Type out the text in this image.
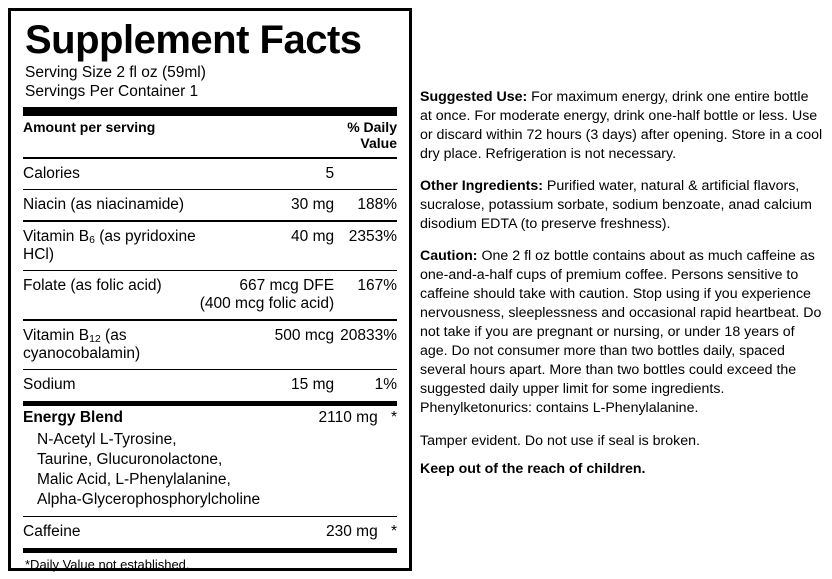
Supplement Facts
Serving Size 2 fl oz (59ml)
Servings Per Container 1
Amount per serving		% Daily
Value

Calories	5	

Niacin (as niacinamide)	30 mg	188%

Vitamin B6 (as pyridoxine HCl)	40 mg	2353%

Folate (as folic acid)	667 mcg DFE
(400 mcg folic acid)	167%

Vitamin B12 (as cyanocobalamin)	500 mcg	20833%

Sodium	15 mg	1%
Energy Blend	2110 mg	*

N-Acetyl L-Tyrosine,
Taurine, Glucuronolactone,
Malic Acid, L-Phenylalanine,
Alpha-Glycerophosphorylcholine		

Caffeine	230 mg	*
*Daily Value not established.

Suggested Use: For maximum energy, drink one entire bottle at once. For moderate energy, drink one-half bottle or less. Use or discard within 72 hours (3 days) after opening. Store in a cool dry place. Refrigeration is not necessary.

Other Ingredients: Purified water, natural & artificial flavors, sucralose, potassium sorbate, sodium benzoate, anad calcium disodium EDTA (to preserve freshness).

Caution: One 2 fl oz bottle contains about as much caffeine as one-and-a-half cups of premium coffee. Persons sensitive to caffeine should take with caution. Stop using if you experience nervousness, sleeplessness and occasional rapid heartbeat. Do not take if you are pregnant or nursing, or under 18 years of age. Do not consumer more than two bottles daily, spaced several hours apart. More than two bottles could exceed the suggested daily upper limit for some ingredients. Phenylketonurics: contains L-Phenylalanine.

Tamper evident. Do not use if seal is broken.

Keep out of the reach of children.
